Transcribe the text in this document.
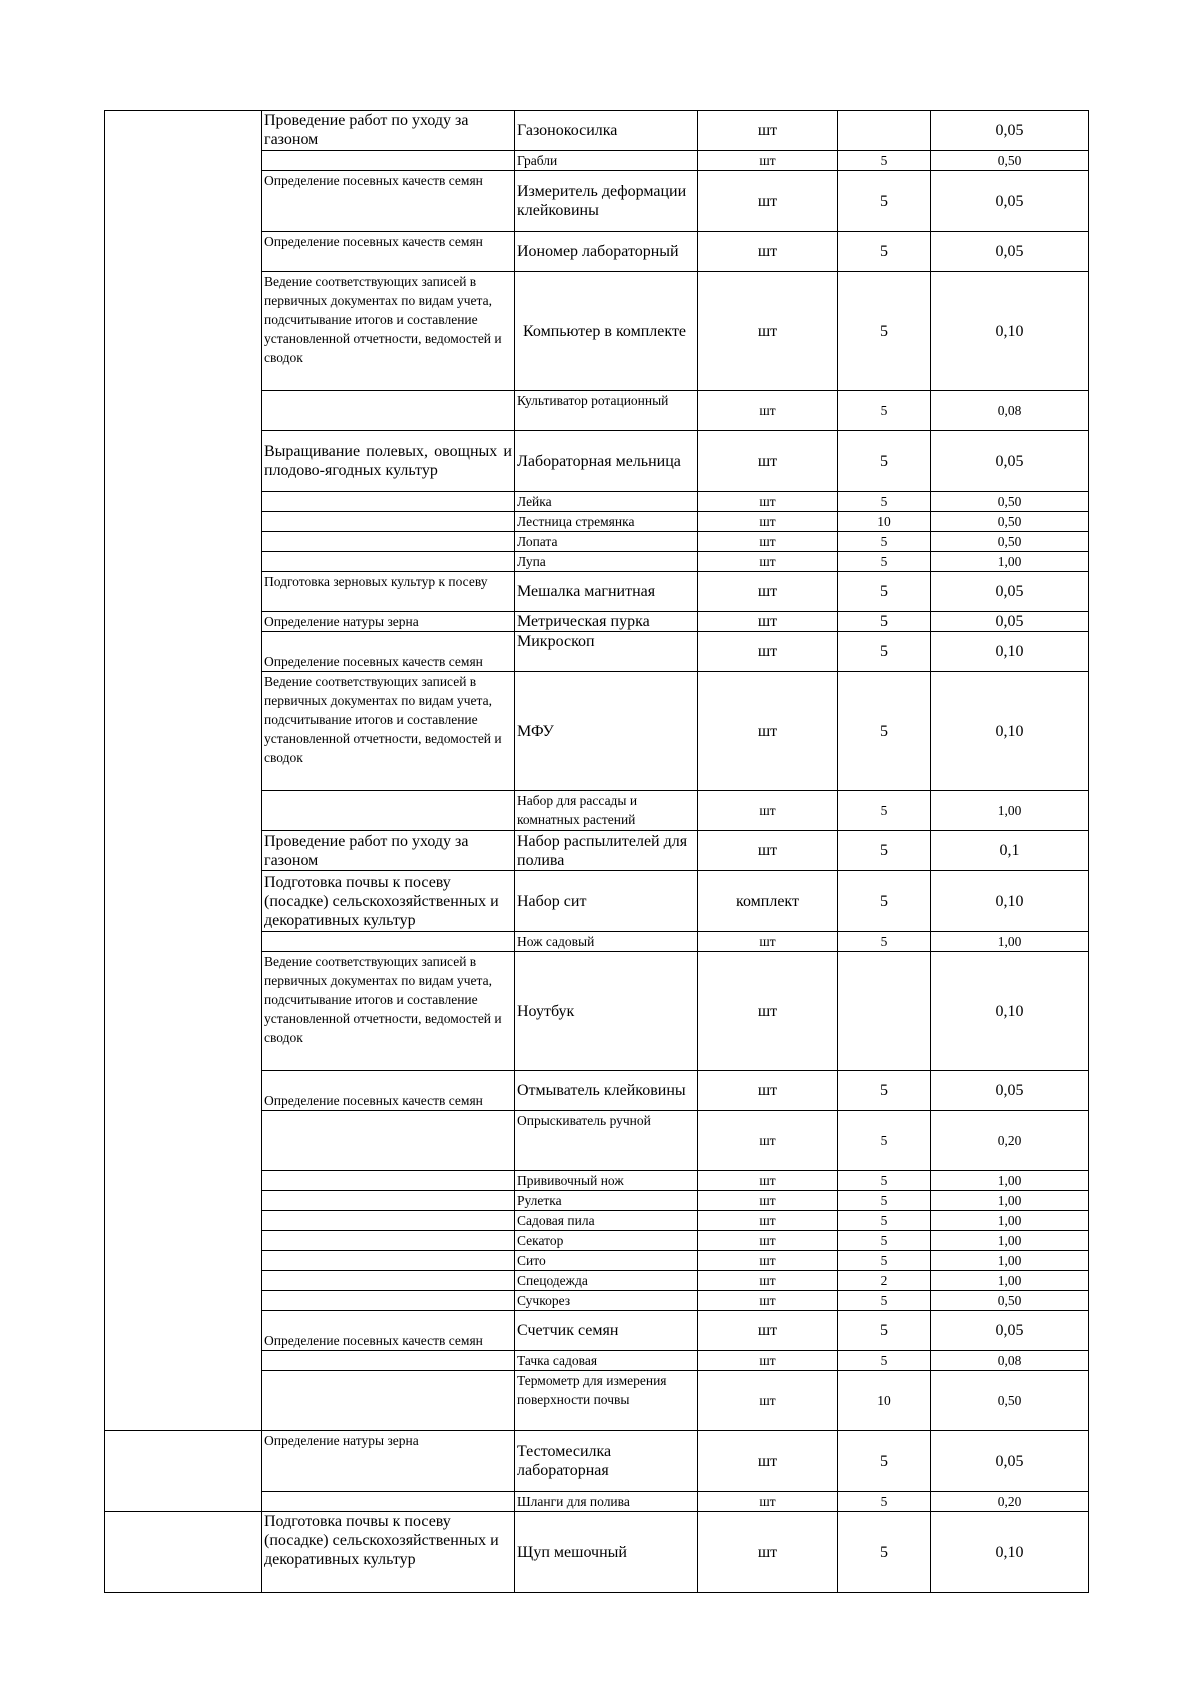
	Проведение работ по уходу за газоном	Газонокосилка	шт		0,05
		Грабли	шт	5	0,50
	Определение посевных качеств семян	Измеритель деформации клейковины	шт	5	0,05
	Определение посевных качеств семян	Иономер лабораторный	шт	5	0,05
	Ведение соответствующих записей в первичных документах по видам учета, подсчитывание итогов и составление установленной отчетности, ведомостей и сводок	Компьютер в комплекте	шт	5	0,10
		Культиватор ротационный	шт	5	0,08
	Выращивание полевых, овощных и плодово-ягодных культур	Лабораторная мельница	шт	5	0,05
		Лейка	шт	5	0,50
		Лестница стремянка	шт	10	0,50
		Лопата	шт	5	0,50
		Лупа	шт	5	1,00
	Подготовка зерновых культур к посеву	Мешалка магнитная	шт	5	0,05
	Определение натуры зерна	Метрическая пурка	шт	5	0,05
	Определение посевных качеств семян	Микроскоп	шт	5	0,10
	Ведение соответствующих записей в первичных документах по видам учета, подсчитывание итогов и составление установленной отчетности, ведомостей и сводок	МФУ	шт	5	0,10
		Набор для рассады и комнатных растений	шт	5	1,00
	Проведение работ по уходу за газоном	Набор распылителей для полива	шт	5	0,1
	Подготовка почвы к посеву (посадке) сельскохозяйственных и декоративных культур	Набор сит	комплект	5	0,10
		Нож садовый	шт	5	1,00
	Ведение соответствующих записей в первичных документах по видам учета, подсчитывание итогов и составление установленной отчетности, ведомостей и сводок	Ноутбук	шт		0,10
	Определение посевных качеств семян	Отмыватель клейковины	шт	5	0,05
		Опрыскиватель ручной	шт	5	0,20
		Прививочный нож	шт	5	1,00
		Рулетка	шт	5	1,00
		Садовая пила	шт	5	1,00
		Секатор	шт	5	1,00
		Сито	шт	5	1,00
		Спецодежда	шт	2	1,00
		Сучкорез	шт	5	0,50
	Определение посевных качеств семян	Счетчик семян	шт	5	0,05
		Тачка садовая	шт	5	0,08
		Термометр для измерения поверхности почвы	шт	10	0,50
	Определение натуры зерна	Тестомесилка лабораторная	шт	5	0,05
		Шланги для полива	шт	5	0,20
	Подготовка почвы к посеву (посадке) сельскохозяйственных и декоративных культур	Щуп мешочный	шт	5	0,10
